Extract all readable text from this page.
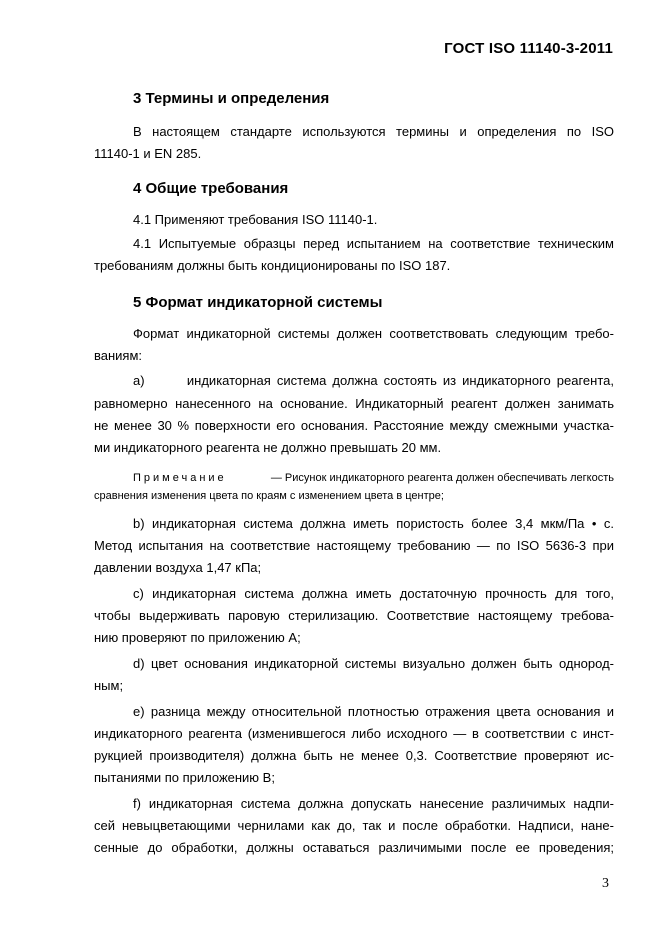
ГОСТ ISO 11140-3-2011
3 Термины и определения
В настоящем стандарте используются термины и определения по ISO
11140-1 и EN 285.
4 Общие требования
4.1 Применяют требования ISO 11140-1.
4.1 Испытуемые образцы перед испытанием на соответствие техническим
требованиям должны быть кондиционированы по ISO 187.
5 Формат индикаторной системы
Формат индикаторной системы должен соответствовать следующим требо-
ваниям:
а)       индикаторная система должна состоять из индикаторного реагента,
равномерно нанесенного на основание. Индикаторный реагент должен занимать
не менее 30 % поверхности его основания. Расстояние между смежными участка-
ми индикаторного реагента не должно превышать 20 мм.
Примечание	— Рисунок индикаторного реагента должен обеспечивать легкость
сравнения изменения цвета по краям с изменением цвета в центре;
b) индикаторная система должна иметь пористость более 3,4 мкм/Па • с.
Метод испытания на соответствие настоящему требованию — по ISO 5636-3 при
давлении воздуха 1,47 кПа;
c) индикаторная система должна иметь достаточную прочность для того,
чтобы выдерживать паровую стерилизацию. Соответствие настоящему требова-
нию проверяют по приложению А;
d) цвет основания индикаторной системы визуально должен быть однород-
ным;
e) разница между относительной плотностью отражения цвета основания и
индикаторного реагента (изменившегося либо исходного — в соответствии с инст-
рукцией производителя) должна быть не менее 0,3. Соответствие проверяют ис-
пытаниями по приложению В;
f) индикаторная система должна допускать нанесение различимых надпи-
сей невыцветающими чернилами как до, так и после обработки. Надписи, нане-
сенные до обработки, должны оставаться различимыми после ее проведения;
3
